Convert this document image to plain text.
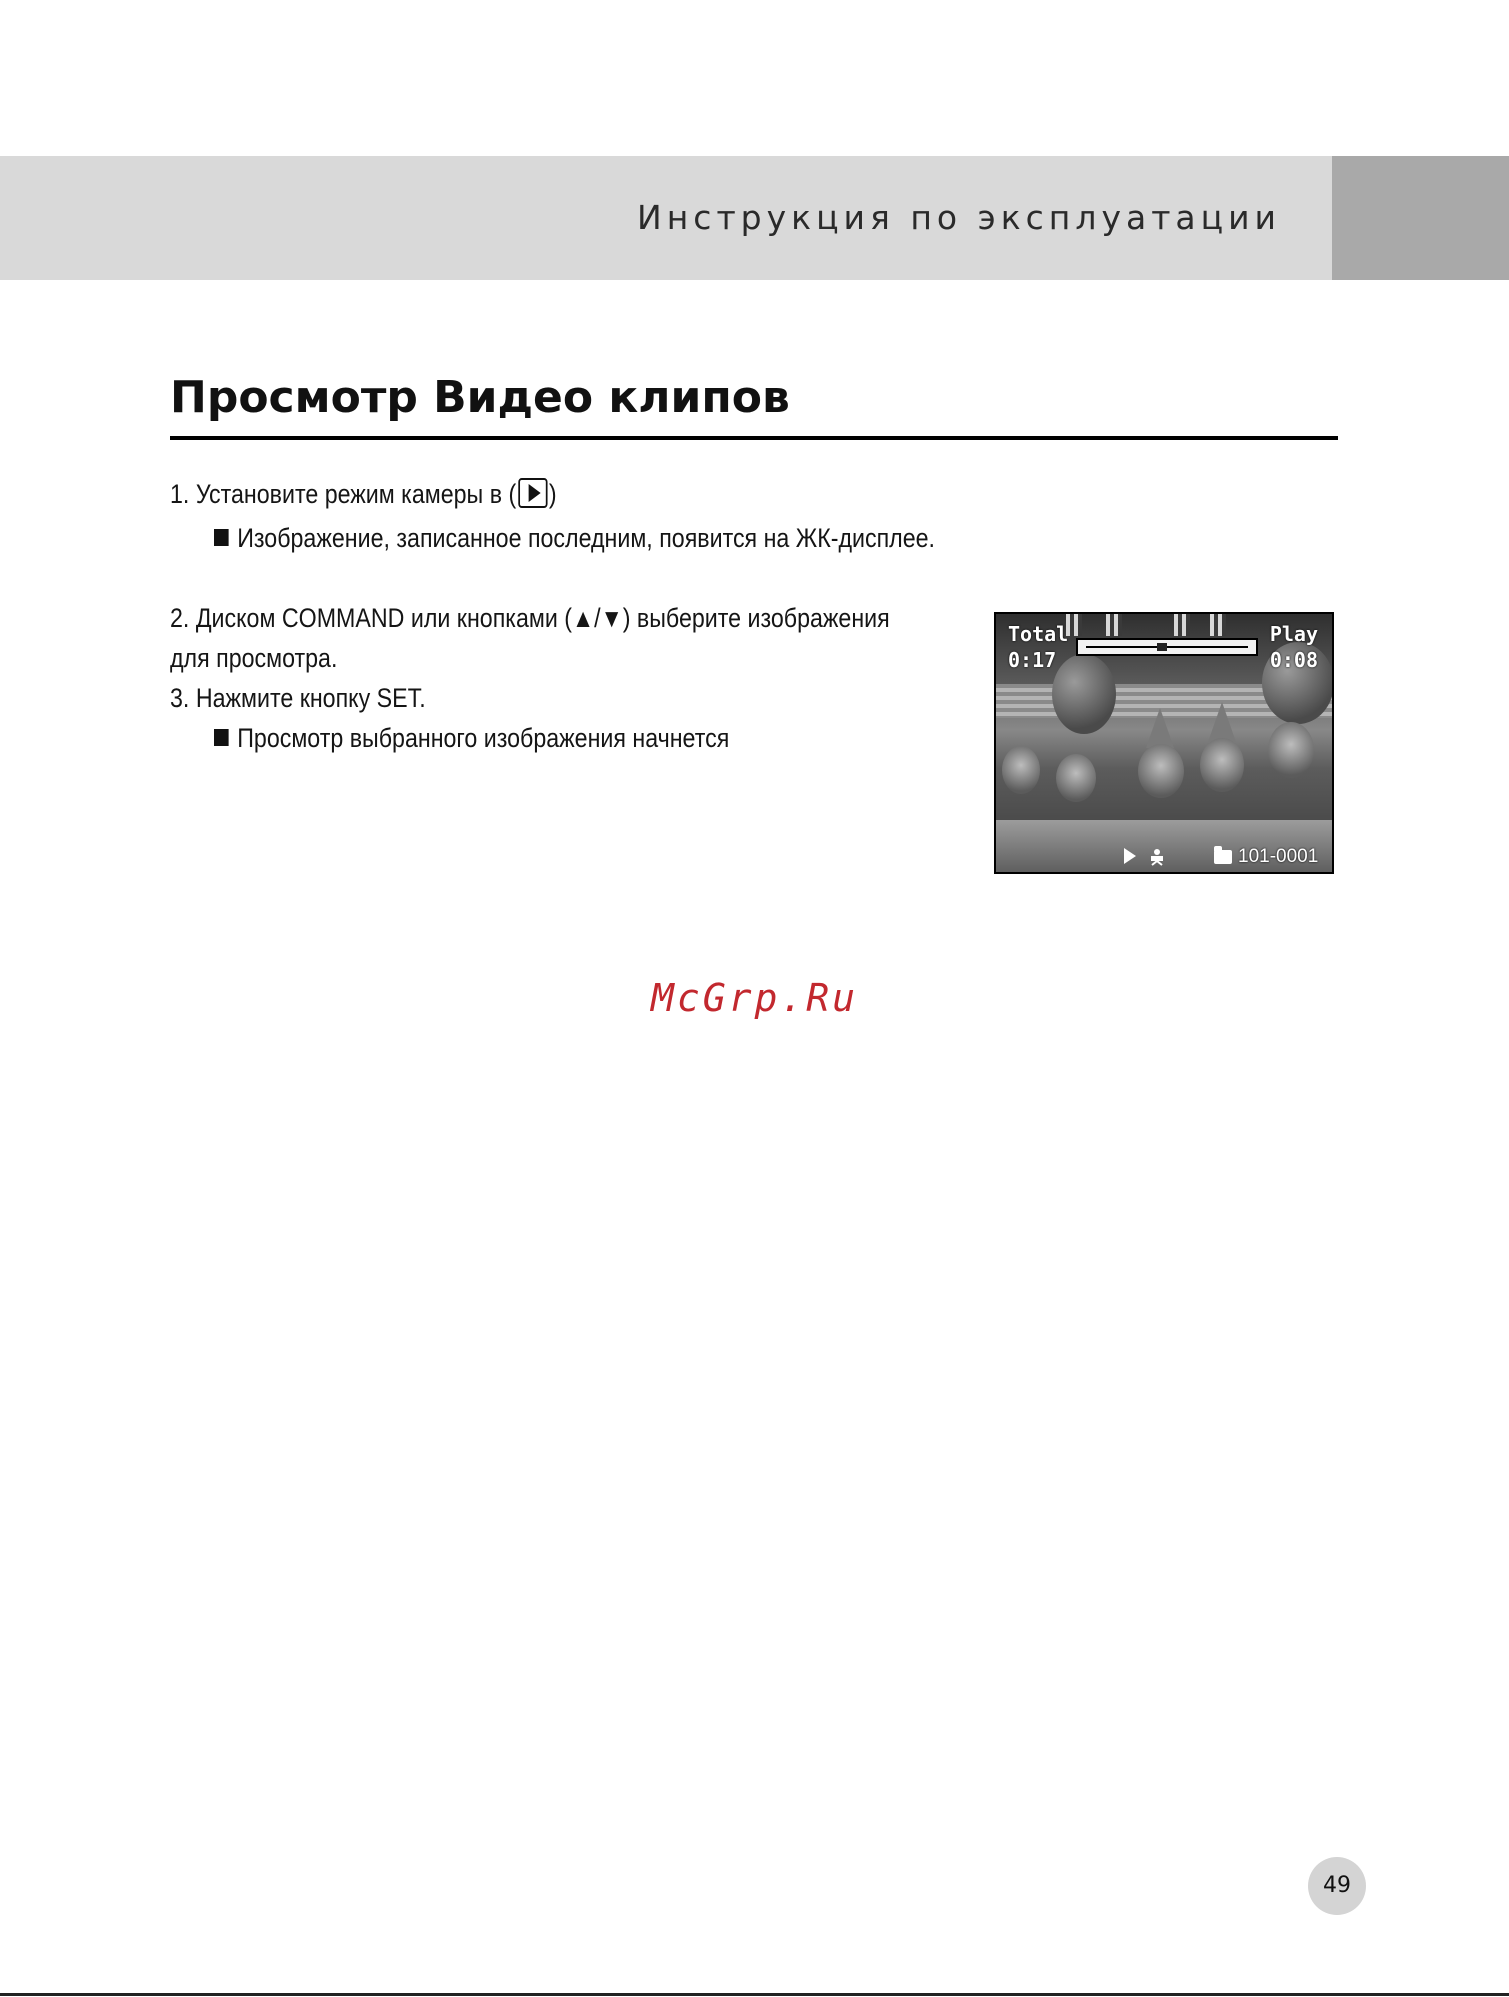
Инструкция по эксплуатации
Просмотр Видео клипов
1. Установите режим камеры в ( )
Изображение, записанное последним, появится на ЖК-дисплее.
2. Диском COMMAND или кнопками (▲/▼) выберите изображения
для просмотра.
3. Нажмите кнопку SET.
Просмотр выбранного изображения начнется
Total
0:17
Play
0:08
101-0001
McGrp.Ru
49
